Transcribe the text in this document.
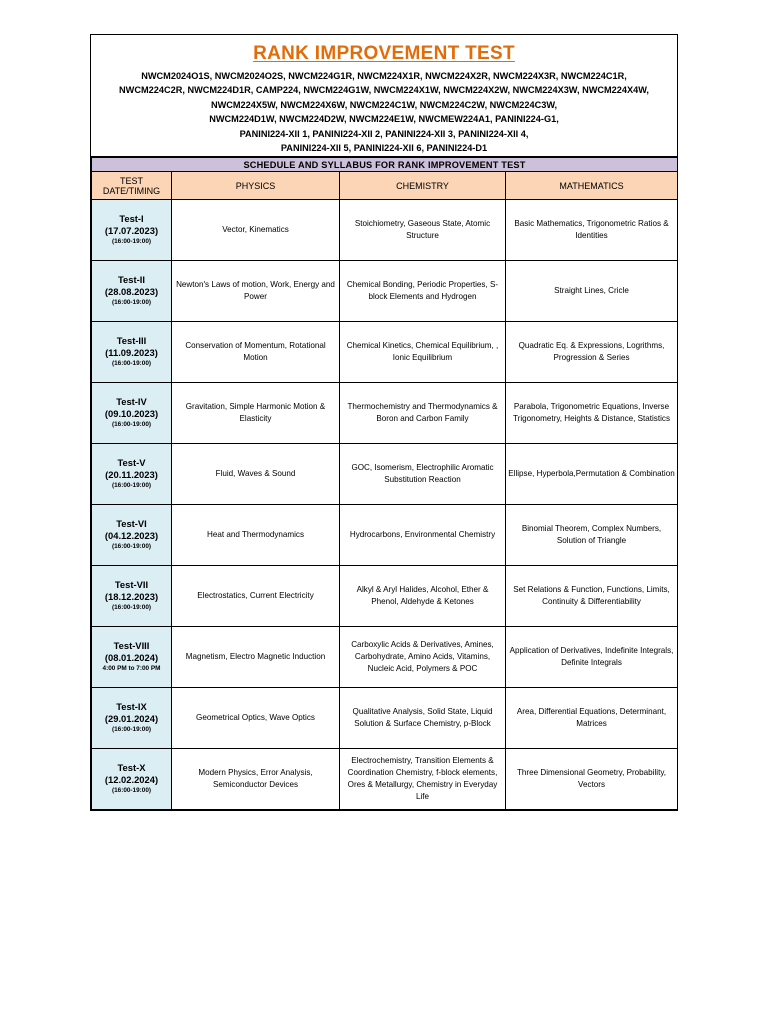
RANK IMPROVEMENT TEST
NWCM2024O1S, NWCM2024O2S, NWCM224G1R, NWCM224X1R, NWCM224X2R, NWCM224X3R, NWCM224C1R,
NWCM224C2R, NWCM224D1R, CAMP224, NWCM224G1W, NWCM224X1W, NWCM224X2W, NWCM224X3W, NWCM224X4W,
NWCM224X5W, NWCM224X6W, NWCM224C1W, NWCM224C2W, NWCM224C3W,
NWCM224D1W, NWCM224D2W, NWCM224E1W, NWCMEW224A1, PANINI224-G1,
PANINI224-XII 1, PANINI224-XII 2, PANINI224-XII 3, PANINI224-XII 4,
PANINI224-XII 5, PANINI224-XII 6, PANINI224-D1
SCHEDULE AND SYLLABUS FOR RANK IMPROVEMENT TEST			
TEST DATE/TIMING	PHYSICS	CHEMISTRY	MATHEMATICS

Test-I
(17.07.2023)
(16:00-19:00)	Vector, Kinematics	Stoichiometry, Gaseous State, Atomic Structure	Basic Mathematics, Trigonometric Ratios & Identities

Test-II
(28.08.2023)
(16:00-19:00)	Newton's Laws of motion, Work, Energy and Power	Chemical Bonding, Periodic Properties, S-block Elements and Hydrogen	Straight Lines, Cricle

Test-III
(11.09.2023)
(16:00-19:00)	Conservation of Momentum, Rotational Motion	Chemical Kinetics, Chemical Equilibrium, , Ionic Equilibrium	Quadratic Eq. & Expressions, Logrithms, Progression & Series

Test-IV
(09.10.2023)
(16:00-19:00)	Gravitation, Simple Harmonic Motion & Elasticity	Thermochemistry and Thermodynamics & Boron and Carbon Family	Parabola, Trigonometric Equations, Inverse Trigonometry, Heights & Distance, Statistics

Test-V
(20.11.2023)
(16:00-19:00)	Fluid, Waves & Sound	GOC, Isomerism, Electrophilic Aromatic Substitution Reaction	Ellipse, Hyperbola,Permutation & Combination

Test-VI
(04.12.2023)
(16:00-19:00)	Heat and Thermodynamics	Hydrocarbons, Environmental Chemistry	Binomial Theorem, Complex Numbers, Solution of Triangle

Test-VII
(18.12.2023)
(16:00-19:00)	Electrostatics, Current Electricity	Alkyl & Aryl Halides, Alcohol, Ether & Phenol, Aldehyde & Ketones	Set Relations & Function, Functions, Limits, Continuity & Differentiability

Test-VIII
(08.01.2024)
4:00 PM to 7:00 PM	Magnetism, Electro Magnetic Induction	Carboxylic Acids & Derivatives, Amines, Carbohydrate, Amino Acids, Vitamins, Nucleic Acid, Polymers & POC	Application of Derivatives, Indefinite Integrals, Definite Integrals

Test-IX
(29.01.2024)
(16:00-19:00)	Geometrical Optics, Wave Optics	Qualitative Analysis, Solid State, Liquid Solution & Surface Chemistry, p-Block	Area, Differential Equations, Determinant, Matrices

Test-X
(12.02.2024)
(16:00-19:00)	Modern Physics, Error Analysis, Semiconductor Devices	Electrochemistry, Transition Elements & Coordination Chemistry, f-block elements, Ores & Metallurgy, Chemistry in Everyday Life	Three Dimensional Geometry, Probability, Vectors
